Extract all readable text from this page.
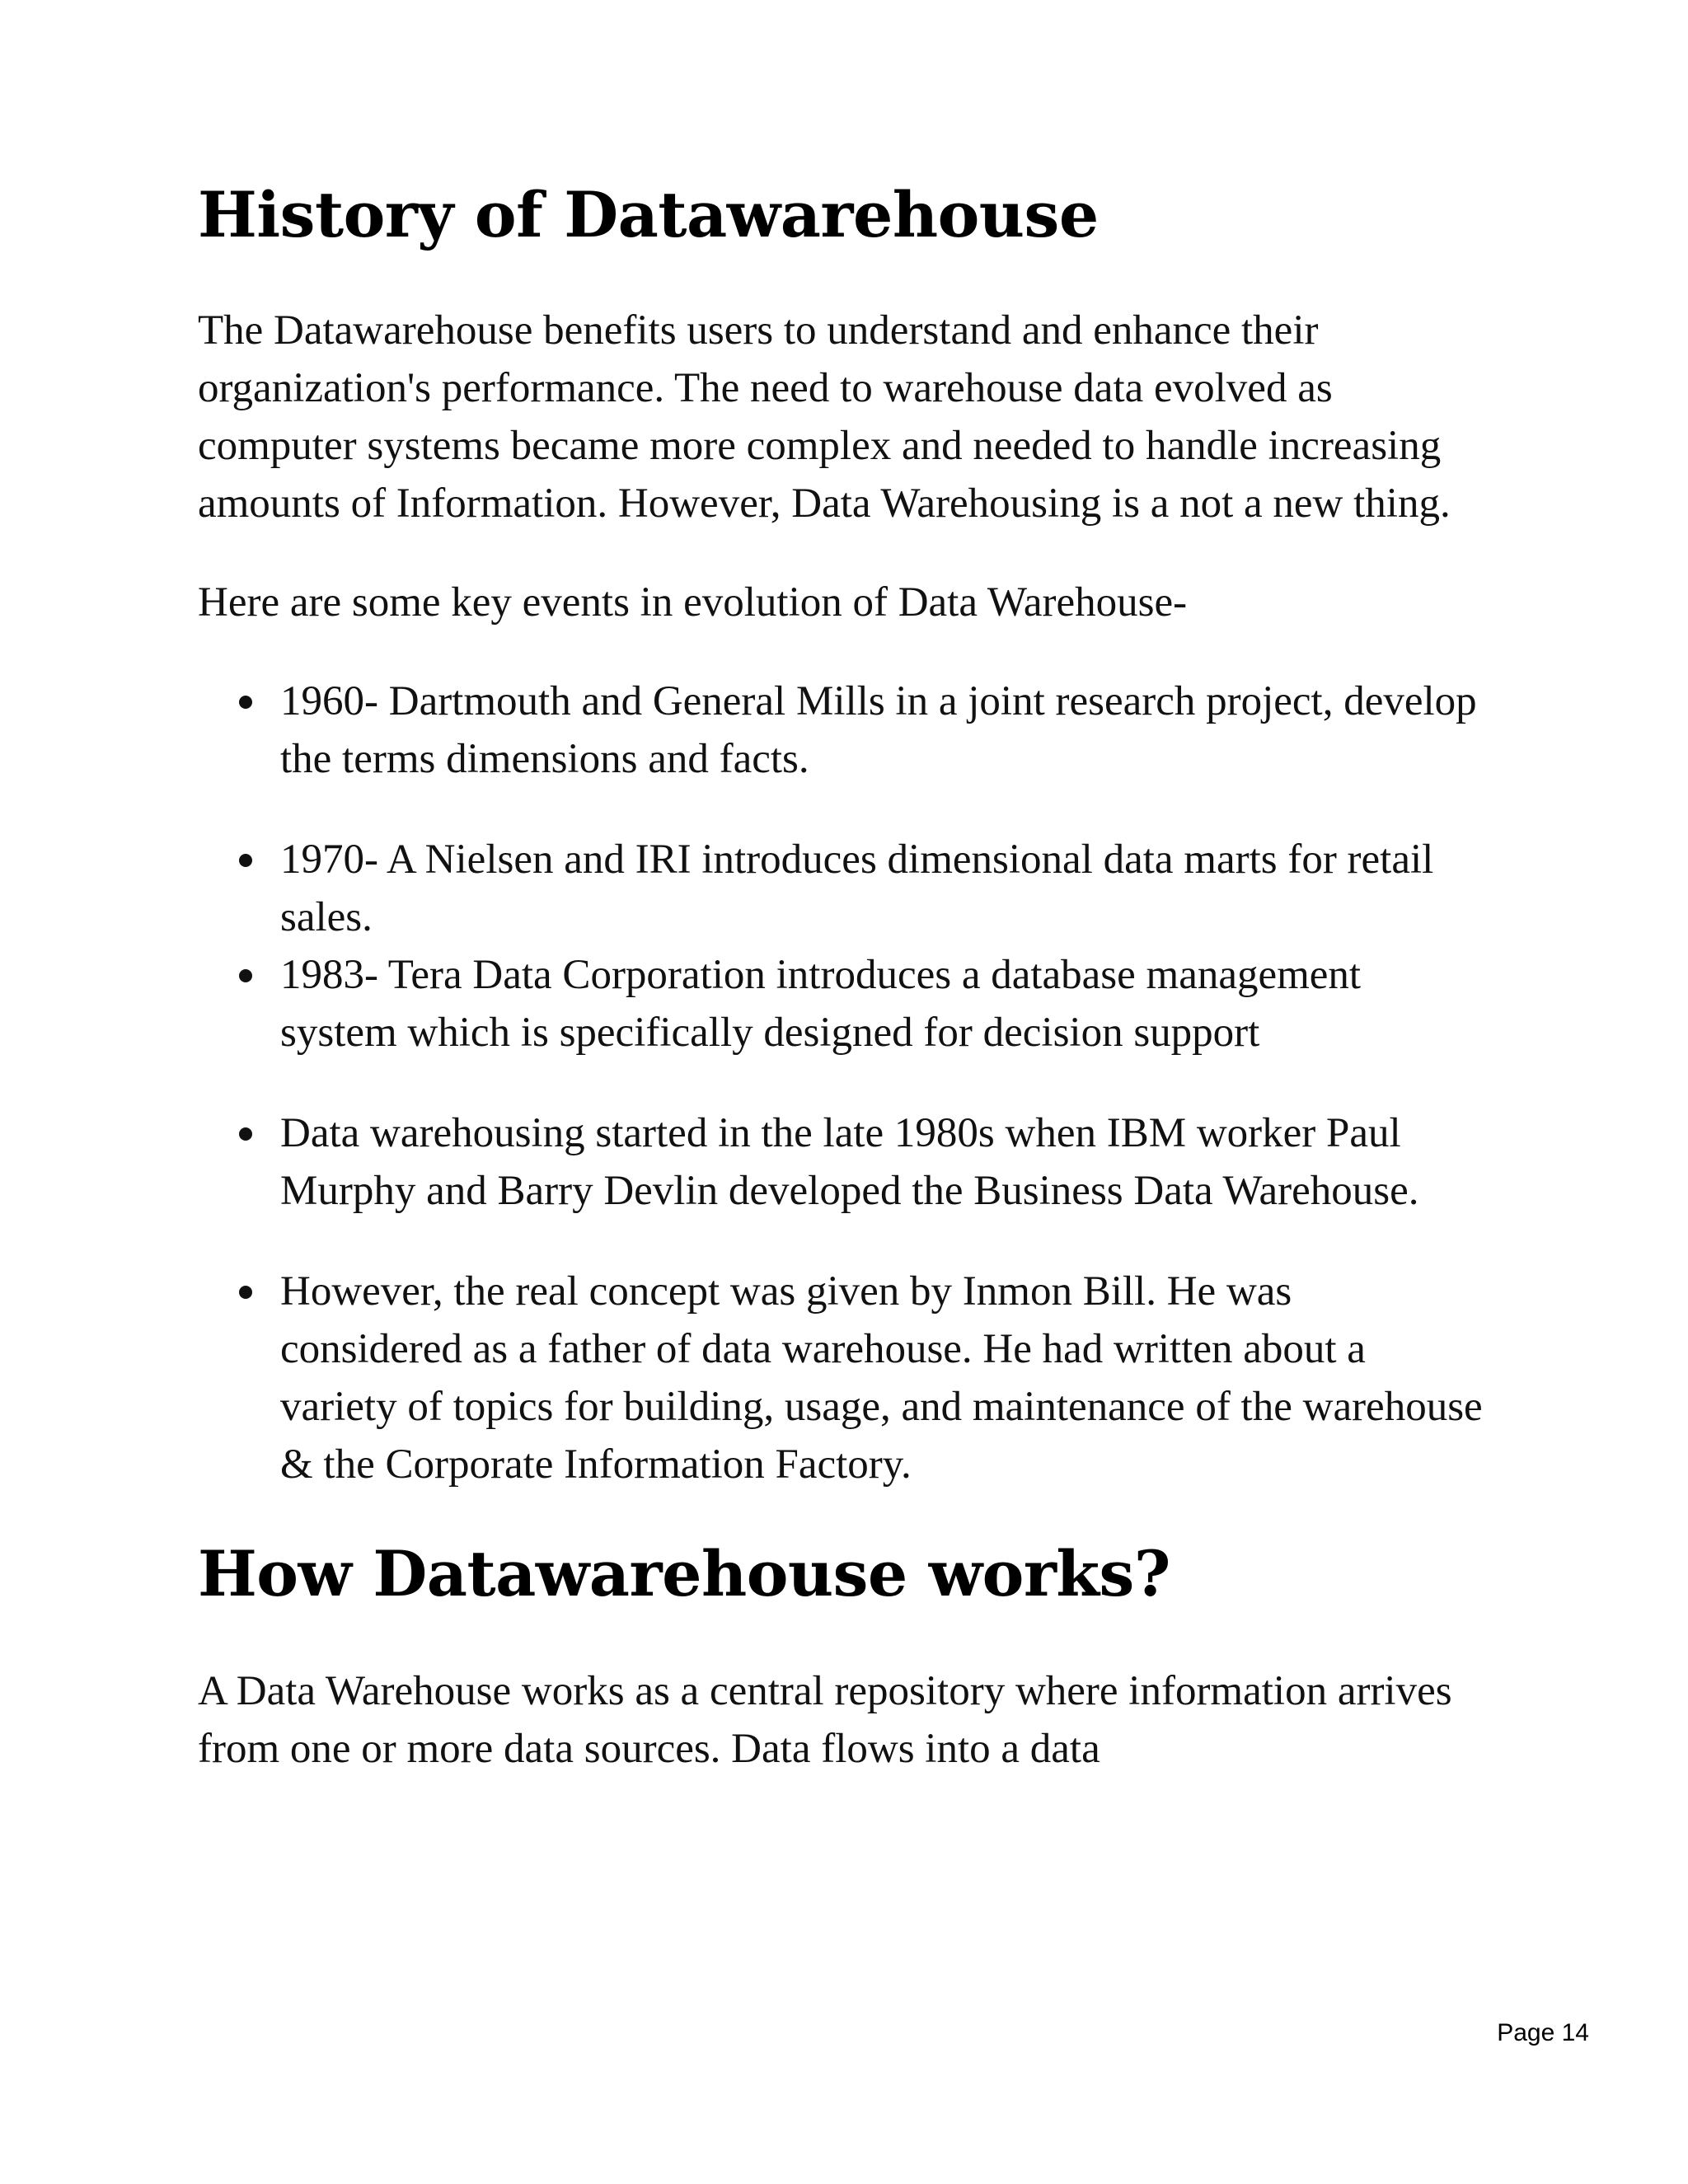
History of Datawarehouse

The Datawarehouse benefits users to understand and enhance their organization's performance. The need to warehouse data evolved as computer systems became more complex and needed to handle increasing amounts of Information. However, Data Warehousing is a not a new thing.

Here are some key events in evolution of Data Warehouse-

1960- Dartmouth and General Mills in a joint research project, develop the terms dimensions and facts.
1970- A Nielsen and IRI introduces dimensional data marts for retail sales.
1983- Tera Data Corporation introduces a database management system which is specifically designed for decision support
Data warehousing started in the late 1980s when IBM worker Paul Murphy and Barry Devlin developed the Business Data Warehouse.
However, the real concept was given by Inmon Bill. He was considered as a father of data warehouse. He had written about a variety of topics for building, usage, and maintenance of the warehouse & the Corporate Information Factory.
How Datawarehouse works?

A Data Warehouse works as a central repository where information arrives from one or more data sources. Data flows into a data

Page 14
